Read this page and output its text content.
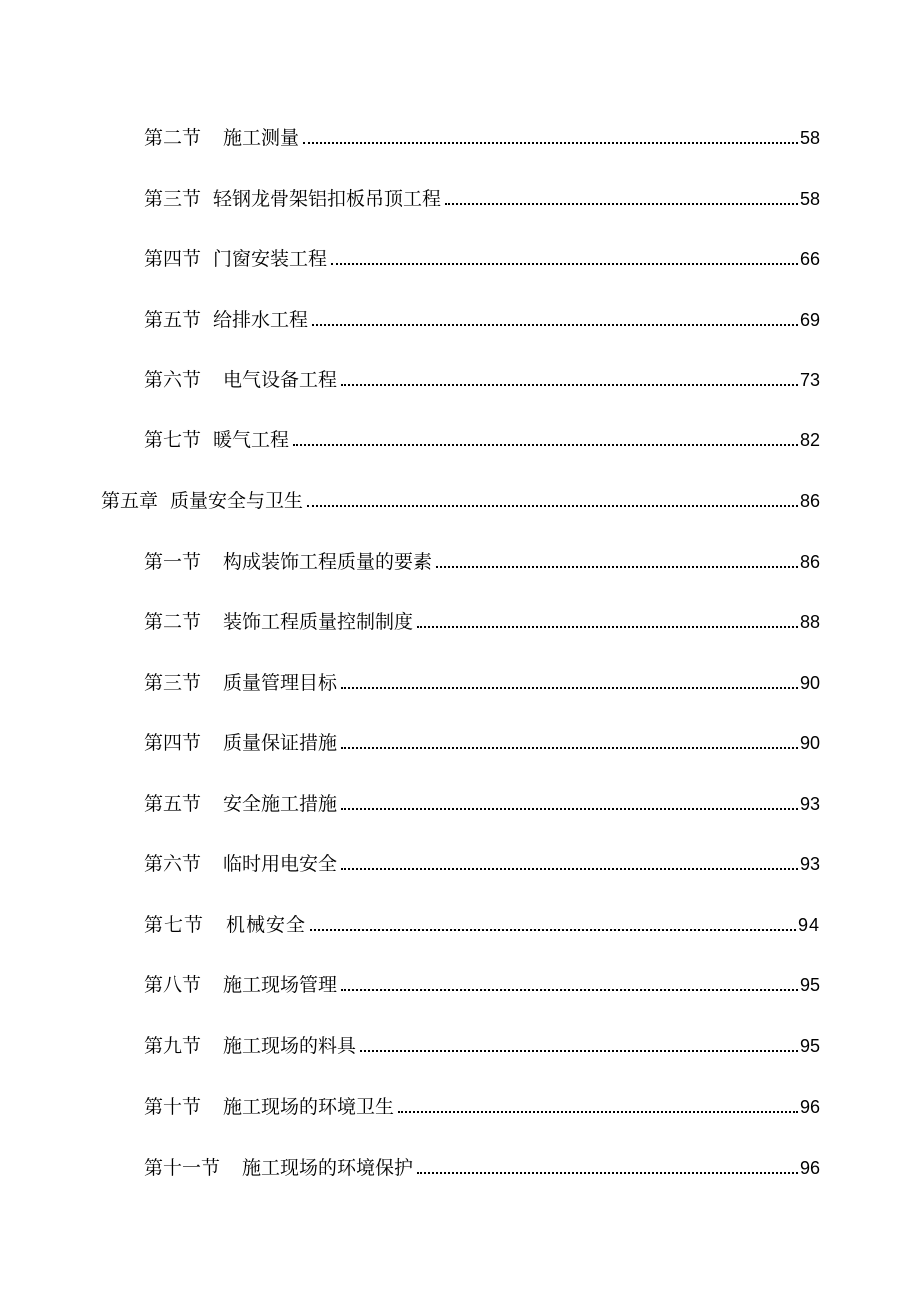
第二节 施工测量	58
第三节 轻钢龙骨架铝扣板吊顶工程	58
第四节 门窗安装工程	66
第五节 给排水工程	69
第六节 电气设备工程	73
第七节 暖气工程	82
第五章 质量安全与卫生	86
第一节 构成装饰工程质量的要素	86
第二节 装饰工程质量控制制度	88
第三节 质量管理目标	90
第四节 质量保证措施	90
第五节 安全施工措施	93
第六节 临时用电安全	93
第七节 机械安全	94
第八节 施工现场管理	95
第九节 施工现场的料具	95
第十节 施工现场的环境卫生	96
第十一节 施工现场的环境保护	96
